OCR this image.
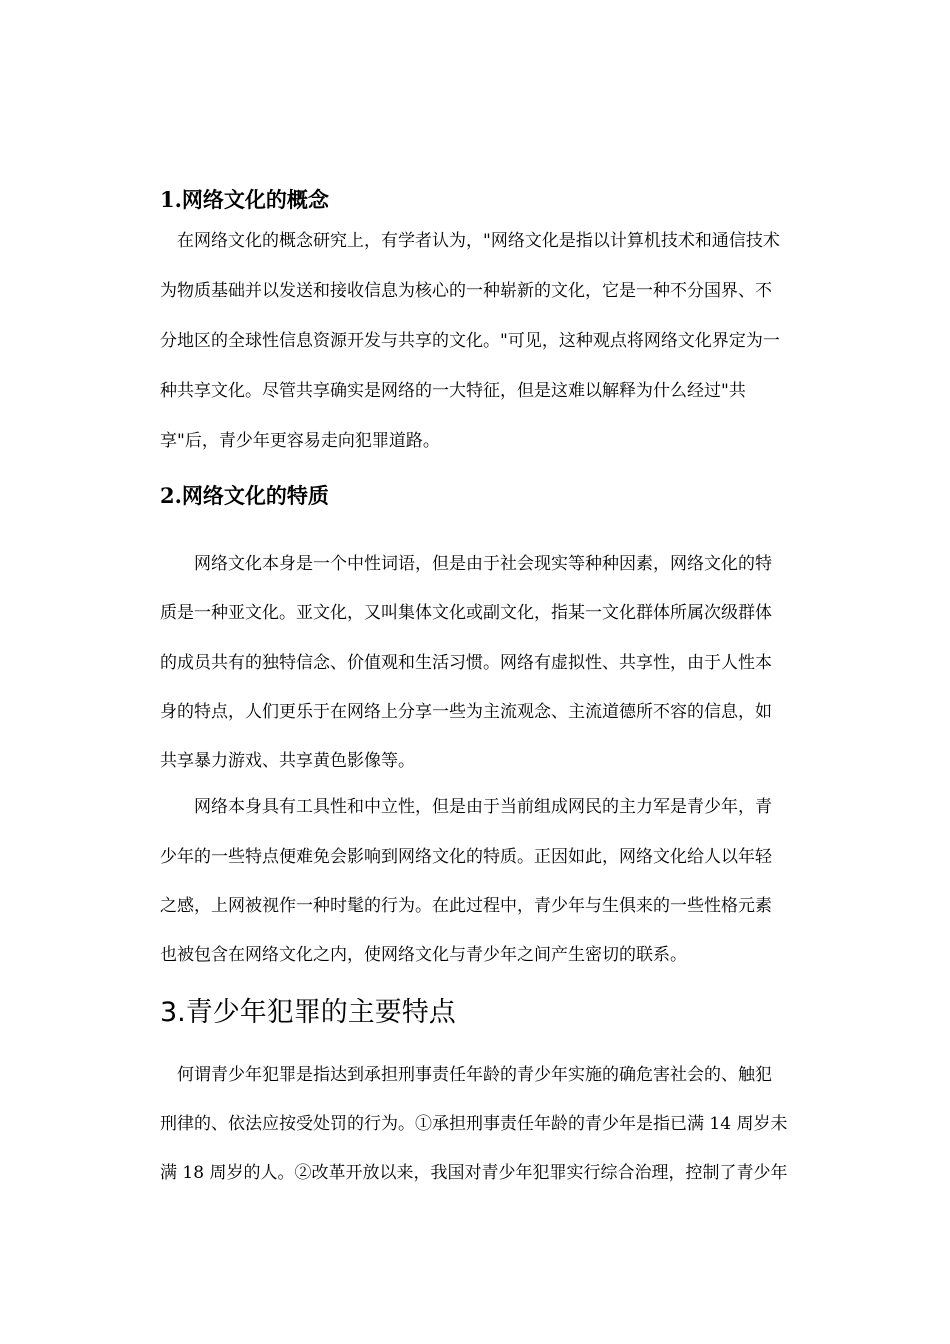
1.网络文化的概念

　在网络文化的概念研究上，有学者认为，"网络文化是指以计算机技术和通信技术

为物质基础并以发送和接收信息为核心的一种崭新的文化，它是一种不分国界、不

分地区的全球性信息资源开发与共享的文化。"可见，这种观点将网络文化界定为一

种共享文化。尽管共享确实是网络的一大特征，但是这难以解释为什么经过"共

享"后，青少年更容易走向犯罪道路。

2.网络文化的特质

　　网络文化本身是一个中性词语，但是由于社会现实等种种因素，网络文化的特

质是一种亚文化。亚文化，又叫集体文化或副文化，指某一文化群体所属次级群体

的成员共有的独特信念、价值观和生活习惯。网络有虚拟性、共享性，由于人性本

身的特点，人们更乐于在网络上分享一些为主流观念、主流道德所不容的信息，如

共享暴力游戏、共享黄色影像等。

　　网络本身具有工具性和中立性，但是由于当前组成网民的主力军是青少年，青

少年的一些特点便难免会影响到网络文化的特质。正因如此，网络文化给人以年轻

之感，上网被视作一种时髦的行为。在此过程中，青少年与生俱来的一些性格元素

也被包含在网络文化之内，使网络文化与青少年之间产生密切的联系。

3.青少年犯罪的主要特点

　何谓青少年犯罪是指达到承担刑事责任年龄的青少年实施的确危害社会的、触犯

刑律的、依法应按受处罚的行为。①承担刑事责任年龄的青少年是指已满 14 周岁未

满 18 周岁的人。②改革开放以来，我国对青少年犯罪实行综合治理，控制了青少年
